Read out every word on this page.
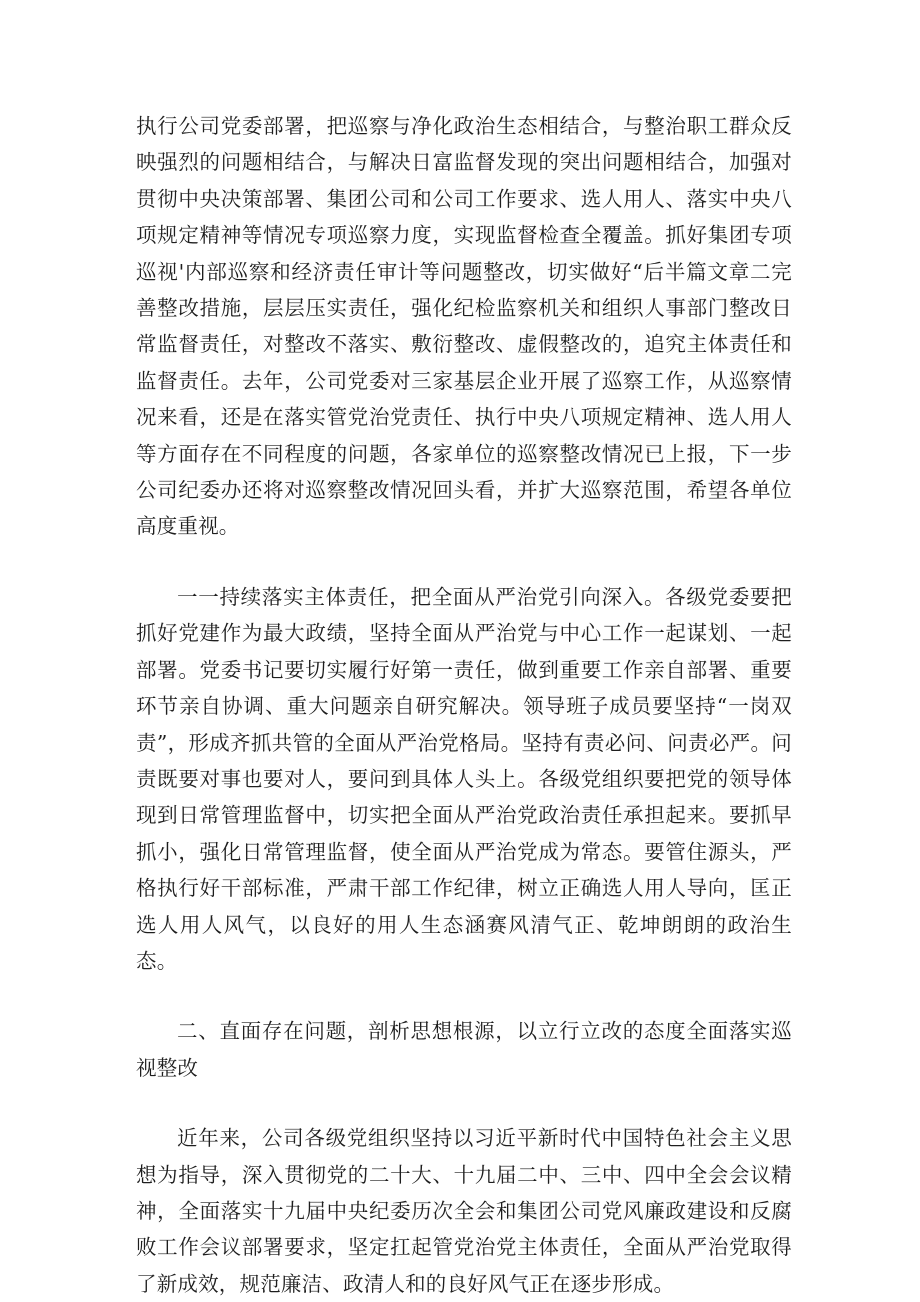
执行公司党委部署，把巡察与净化政治生态相结合，与整治职工群众反映强烈的问题相结合，与解决日富监督发现的突出问题相结合，加强对贯彻中央决策部署、集团公司和公司工作要求、选人用人、落实中央八项规定精神等情况专项巡察力度，实现监督检查全覆盖。抓好集团专项巡视'内部巡察和经济责任审计等问题整改，切实做好“后半篇文章二完善整改措施，层层压实责任，强化纪检监察机关和组织人事部门整改日常监督责任，对整改不落实、敷衍整改、虚假整改的，追究主体责任和监督责任。去年，公司党委对三家基层企业开展了巡察工作，从巡察情况来看，还是在落实管党治党责任、执行中央八项规定精神、选人用人等方面存在不同程度的问题，各家单位的巡察整改情况已上报，下一步公司纪委办还将对巡察整改情况回头看，并扩大巡察范围，希望各单位高度重视。

一一持续落实主体责任，把全面从严治党引向深入。各级党委要把抓好党建作为最大政绩，坚持全面从严治党与中心工作一起谋划、一起部署。党委书记要切实履行好第一责任，做到重要工作亲自部署、重要环节亲自协调、重大问题亲自研究解决。领导班子成员要坚持“一岗双责”，形成齐抓共管的全面从严治党格局。坚持有责必问、问责必严。问责既要对事也要对人，要问到具体人头上。各级党组织要把党的领导体现到日常管理监督中，切实把全面从严治党政治责任承担起来。要抓早抓小，强化日常管理监督，使全面从严治党成为常态。要管住源头，严格执行好干部标准，严肃干部工作纪律，树立正确选人用人导向，匡正选人用人风气，以良好的用人生态涵赛风清气正、乾坤朗朗的政治生态。

二、直面存在问题，剖析思想根源，以立行立改的态度全面落实巡视整改

近年来，公司各级党组织坚持以习近平新时代中国特色社会主义思想为指导，深入贯彻党的二十大、十九届二中、三中、四中全会会议精神，全面落实十九届中央纪委历次全会和集团公司党风廉政建设和反腐败工作会议部署要求，坚定扛起管党治党主体责任，全面从严治党取得了新成效，规范廉洁、政清人和的良好风气正在逐步形成。
